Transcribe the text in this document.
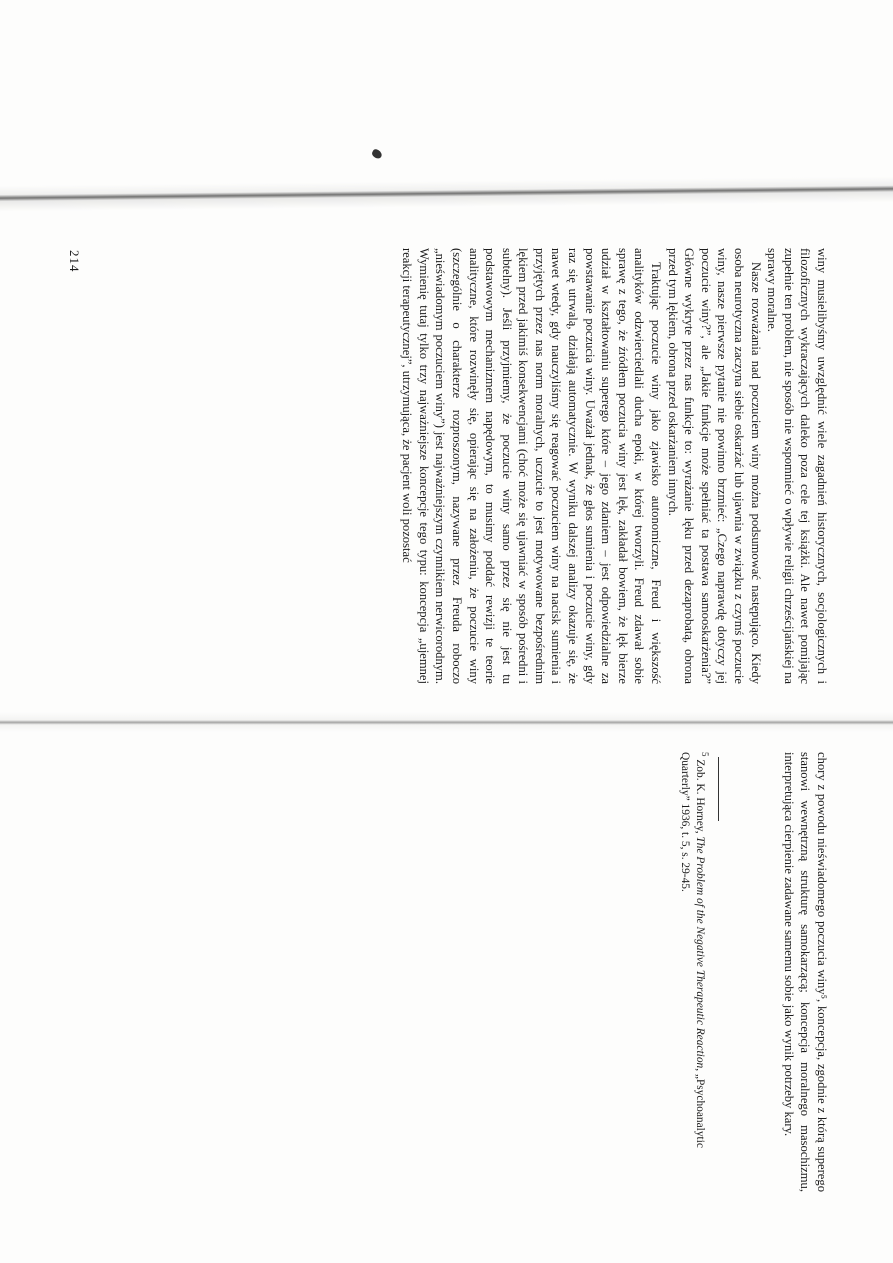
winy musielibyśmy uwzględnić wiele zagadnień historycznych, socjologicznych i filozoficznych wykraczających daleko poza cele tej książki. Ale nawet pomijając zupełnie ten problem, nie sposób nie wspomnieć o wpływie religii chrześcijańskiej na sprawy moralne.

Nasze rozważania nad poczuciem winy można podsumować następująco. Kiedy osoba neurotyczna zaczyna siebie oskarżać lub ujawnia w związku z czymś poczucie winy, nasze pierwsze pytanie nie powinno brzmieć: „Czego naprawdę dotyczy jej poczucie winy?”, ale „Jakie funkcje może spełniać ta postawa samooskarżenia?” Główne wykryte przez nas funkcje to: wyrażanie lęku przed dezaprobatą, obrona przed tym lękiem, obrona przed oskarżaniem innych.

Traktując poczucie winy jako zjawisko autonomiczne, Freud i większość analityków odzwierciedlali ducha epoki, w której tworzyli. Freud zdawał sobie sprawę z tego, że źródłem poczucia winy jest lęk, zakładał bowiem, że lęk bierze udział w kształtowaniu superego które – jego zdaniem – jest odpowiedzialne za powstawanie poczucia winy. Uważał jednak, że głos sumienia i poczucie winy, gdy raz się utrwalą, działają automatycznie. W wyniku dalszej analizy okazuje się, że nawet wtedy, gdy nauczyliśmy się reagować poczuciem winy na nacisk sumienia i przyjętych przez nas norm moralnych, uczucie to jest motywowane bezpośrednim lękiem przed jakimiś konsekwencjami (choć może się ujawniać w sposób pośredni i subtelny). Jeśli przyjmiemy, że poczucie winy samo przez się nie jest tu podstawowym mechanizmem napędowym, to musimy poddać rewizji te teorie analityczne, które rozwinęły się, opierając się na założeniu, że poczucie winy (szczególnie o charakterze rozproszonym, nazywane przez Freuda roboczo „nieświadomym poczuciem winy”) jest najważniejszym czynnikiem nerwicorodnym. Wymienię tutaj tylko trzy najważniejsze koncepcje tego typu: koncepcja „ujemnej reakcji terapeutycznej”, utrzymująca, że pacjent woli pozostać

214

chory z powodu nieświadomego poczucia winy⁵, koncepcja, zgodnie z którą superego stanowi wewnętrzną strukturę samokarzącą; koncepcja moralnego masochizmu, interpretująca cierpienie zadawane samemu sobie jako wynik potrzeby kary.

$^5$ Zob. K. Horney, The Problem of the Negative Therapeutic Reaction, „Psychoanalytic Quarterly” 1936, t. 5, s. 29-45.
